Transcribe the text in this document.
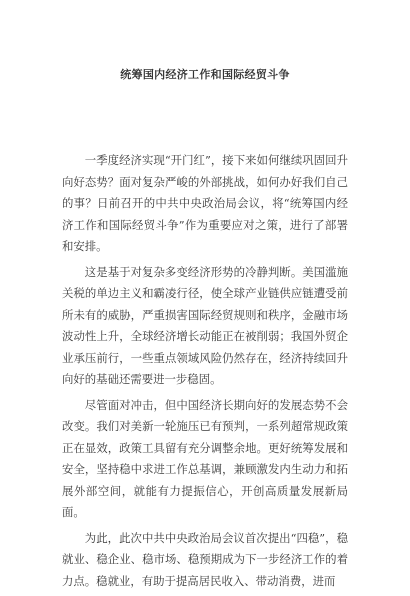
统筹国内经济工作和国际经贸斗争

一季度经济实现“开门红”，接下来如何继续巩固回升向好态势？面对复杂严峻的外部挑战，如何办好我们自己的事？日前召开的中共中央政治局会议，将“统筹国内经济工作和国际经贸斗争”作为重要应对之策，进行了部署和安排。

这是基于对复杂多变经济形势的冷静判断。美国滥施关税的单边主义和霸凌行径，使全球产业链供应链遭受前所未有的威胁，严重损害国际经贸规则和秩序，金融市场波动性上升，全球经济增长动能正在被削弱；我国外贸企业承压前行，一些重点领域风险仍然存在，经济持续回升向好的基础还需要进一步稳固。

尽管面对冲击，但中国经济长期向好的发展态势不会改变。我们对美新一轮施压已有预判，一系列超常规政策正在显效，政策工具留有充分调整余地。更好统筹发展和安全，坚持稳中求进工作总基调，兼顾激发内生动力和拓展外部空间，就能有力提振信心，开创高质量发展新局面。

为此，此次中共中央政治局会议首次提出“四稳”，稳就业、稳企业、稳市场、稳预期成为下一步经济工作的着力点。稳就业，有助于提高居民收入、带动消费，进而
